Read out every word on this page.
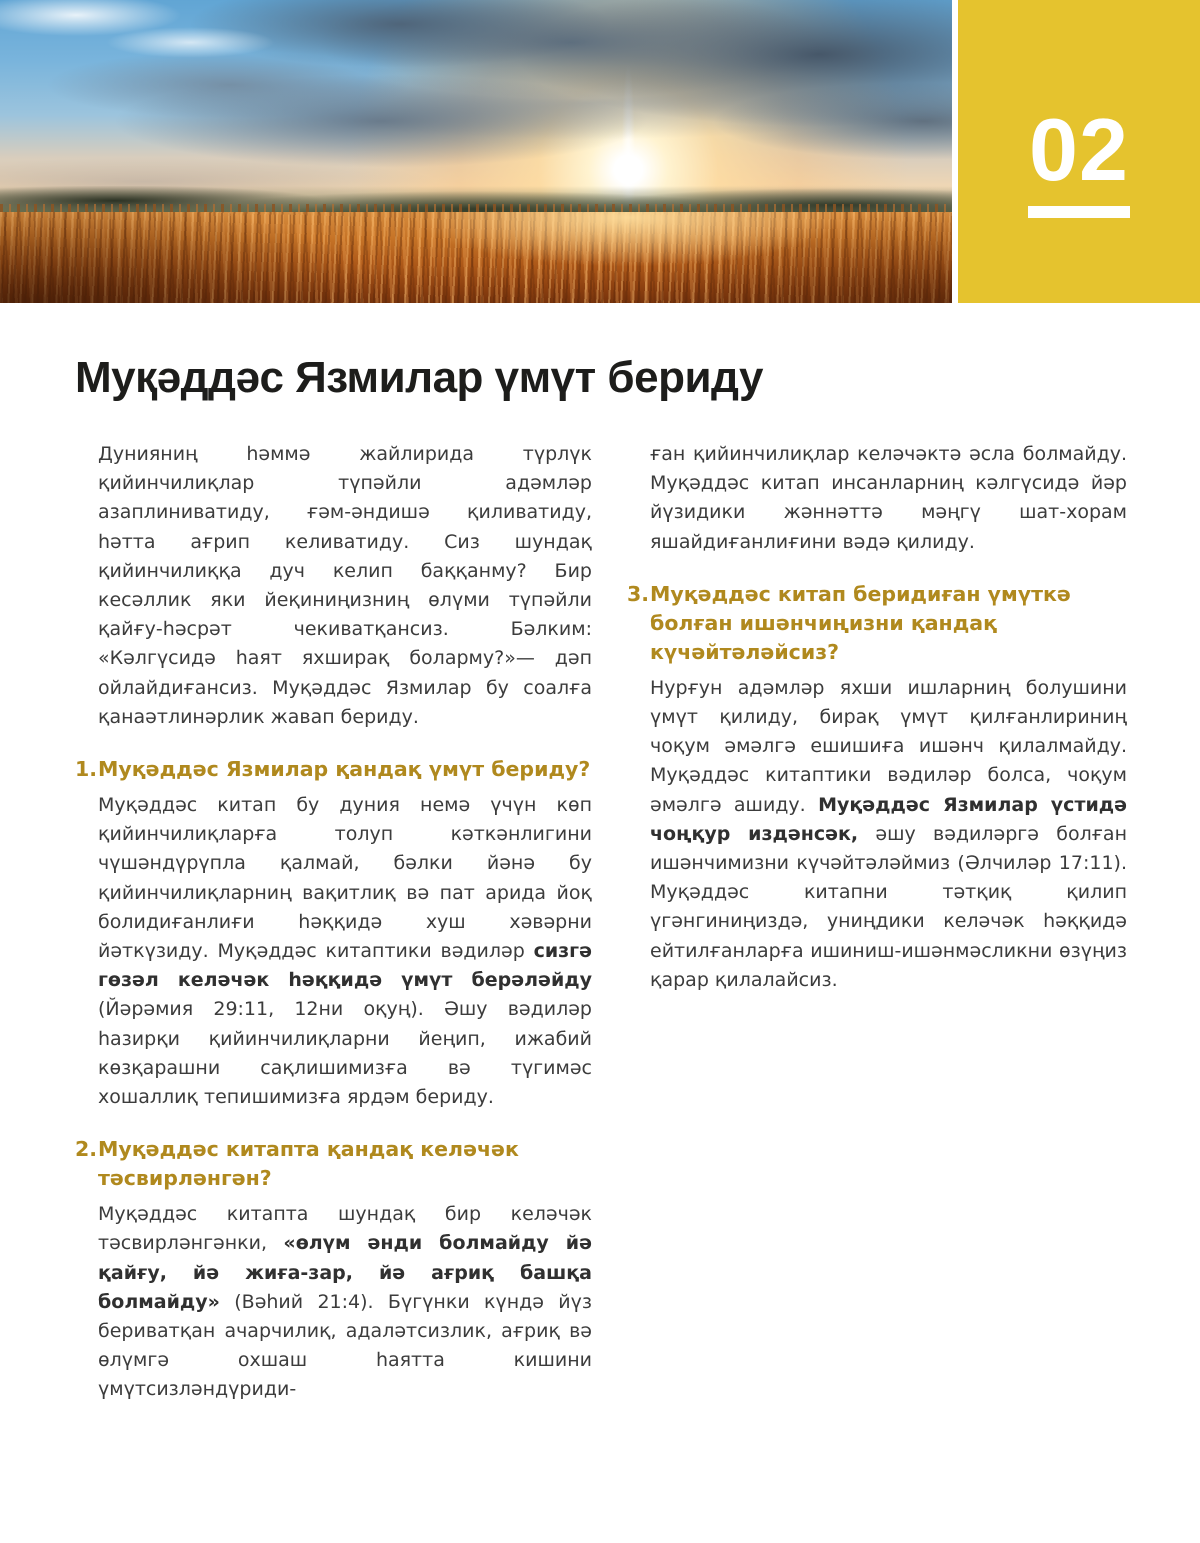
02
Муқәддәс Язмилар үмүт бериду

Дунияниң һәммә жайлирида түрлүк қийинчилиқлар түпәйли адәмләр азаплиниватиду, ғәм-әндишә қиливатиду, һәтта ағрип келиватиду. Сиз шундақ қийинчилиққа дуч келип баққанму? Бир кесәллик яки йеқиниңизниң өлүми түпәйли қайғу-һәсрәт чекиватқансиз. Бәлким: «Кәлгүсидә һаят яхширақ боларму?»— дәп ойлайдиғансиз. Муқәддәс Язмилар бу соалға қанаәтлинәрлик жавап бериду.

1. Муқәддәс Язмилар қандақ үмүт бериду?

Муқәддәс китап бу дуния немә үчүн көп қийинчилиқларға толуп кәткәнлигини чүшәндүрүпла қалмай, бәлки йәнә бу қийинчилиқларниң вақитлиқ вә пат арида йоқ болидиғанлиғи һәққидә хуш хәвәрни йәткүзиду. Муқәддәс китаптики вәдиләр сизгә гөзәл келәчәк һәққидә үмүт берәләйду (Йәрәмия 29:11, 12ни оқуң). Әшу вәдиләр һазирқи қийинчилиқларни йеңип, ижабий көзқарашни сақлишимизға вә түгимәс хошаллиқ тепишимизға ярдәм бериду.

2. Муқәддәс китапта қандақ келәчәк тәсвирләнгән?

Муқәддәс китапта шундақ бир келәчәк тәсвирләнгәнки, «өлүм әнди болмайду йә қайғу, йә жиға-зар, йә ағриқ башқа болмайду» (Вәһий 21:4). Бүгүнки күндә йүз бериватқан ачарчилиқ, адаләтсизлик, ағриқ вә өлүмгә охшаш һаятта кишини үмүтсизләндүриди-

ған қийинчилиқлар келәчәктә әсла болмайду. Муқәддәс китап инсанларниң кәлгүсидә йәр йүзидики жәннәттә мәңгү шат-хорам яшайдиғанлиғини вәдә қилиду.

3. Муқәддәс китап беридиған үмүткә болған ишәнчиңизни қандақ күчәйтәләйсиз?

Нурғун адәмләр яхши ишларниң болушини үмүт қилиду, бирақ үмүт қилғанлириниң чоқум әмәлгә ешишиға ишәнч қилалмайду. Муқәддәс китаптики вәдиләр болса, чоқум әмәлгә ашиду. Муқәддәс Язмилар үстидә чоңқур издәнсәк, әшу вәдиләргә болған ишәнчимизни күчәйтәләймиз (Әлчиләр 17:11). Муқәддәс китапни тәтқиқ қилип үгәнгиниңиздә, униңдики келәчәк һәққидә ейтилғанларға ишиниш-ишәнмәсликни өзүңиз қарар қилалайсиз.
